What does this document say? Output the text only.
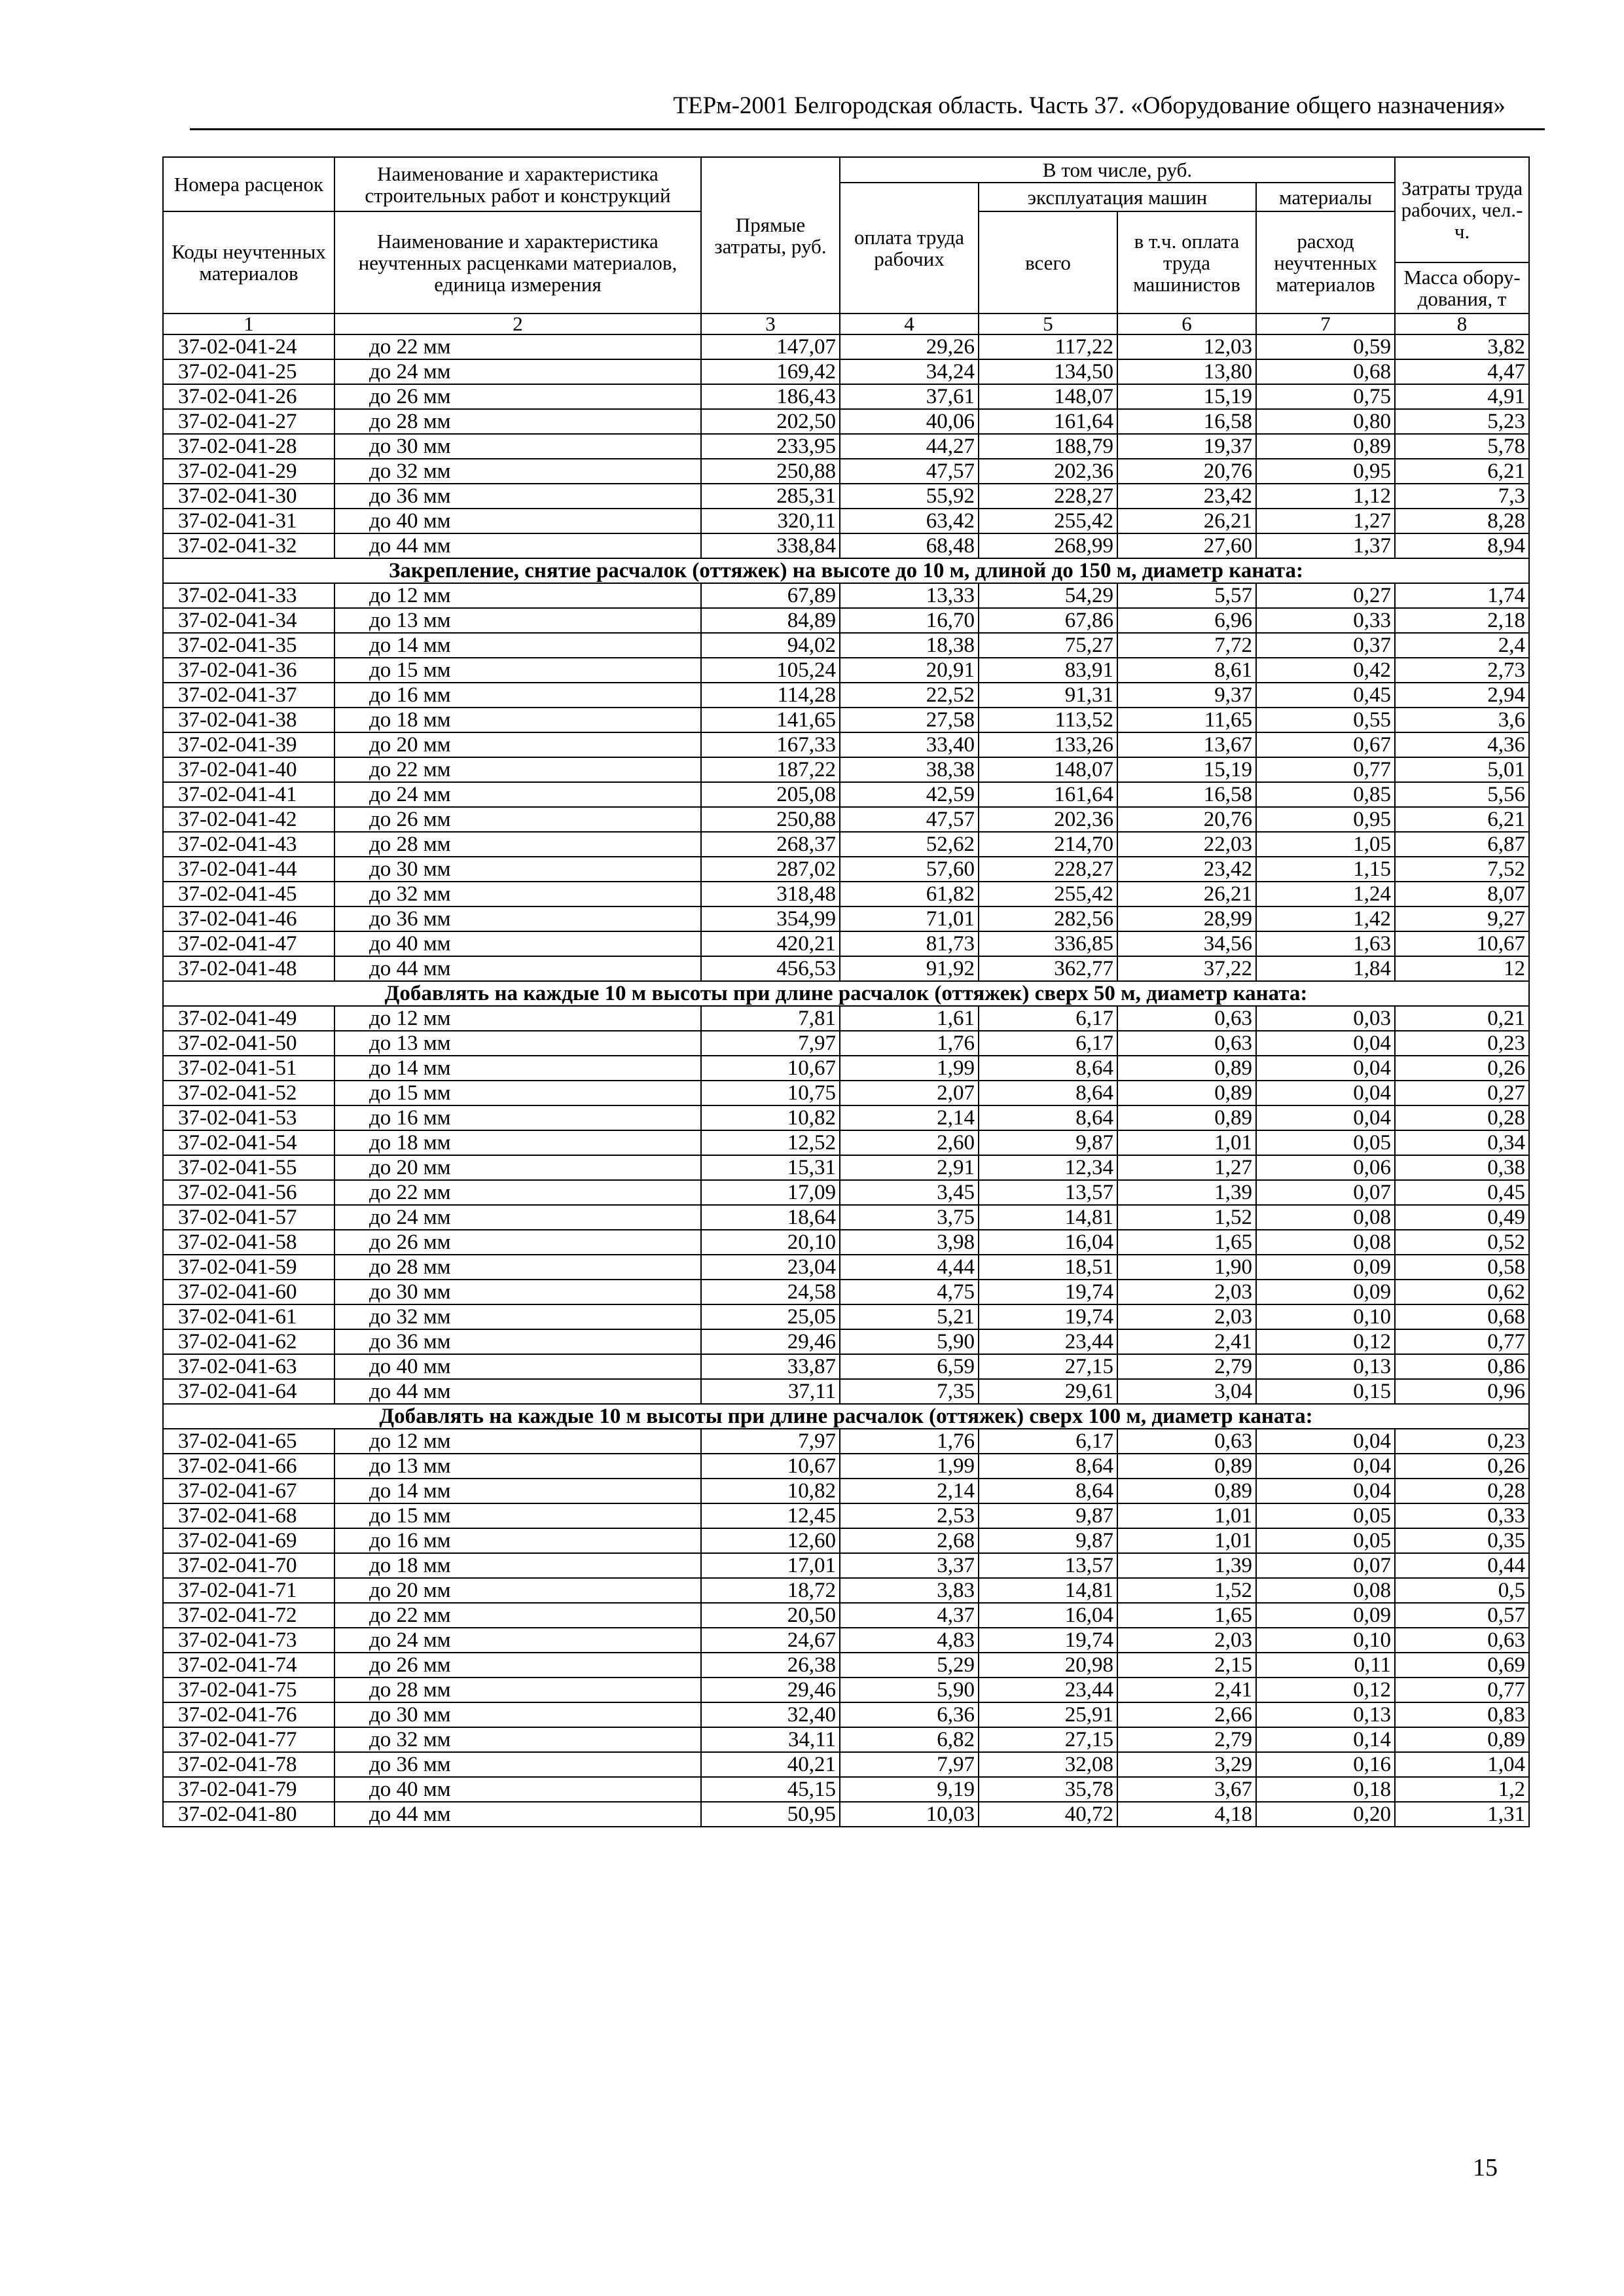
ТЕРм-2001 Белгородская область. Часть 37. «Оборудование общего назначения»
Номера расценок	Наименование и характеристика строительных работ и конструкций	Прямые затраты, руб.	В том числе, руб.				Затраты труда рабочих, чел.-ч.
			оплата труда рабочих	эксплуатация машин		материалы	
Коды неучтенных материалов	Наименование и характеристика неучтенных расценками материалов, единица измерения			всего	в т.ч. оплата труда машинистов	расход неучтенных материалов	
							Масса обору-дования, т
1	2	3	4	5	6	7	8
37-02-041-24	до 22 мм	147,07	29,26	117,22	12,03	0,59	3,82
37-02-041-25	до 24 мм	169,42	34,24	134,50	13,80	0,68	4,47
37-02-041-26	до 26 мм	186,43	37,61	148,07	15,19	0,75	4,91
37-02-041-27	до 28 мм	202,50	40,06	161,64	16,58	0,80	5,23
37-02-041-28	до 30 мм	233,95	44,27	188,79	19,37	0,89	5,78
37-02-041-29	до 32 мм	250,88	47,57	202,36	20,76	0,95	6,21
37-02-041-30	до 36 мм	285,31	55,92	228,27	23,42	1,12	7,3
37-02-041-31	до 40 мм	320,11	63,42	255,42	26,21	1,27	8,28
37-02-041-32	до 44 мм	338,84	68,48	268,99	27,60	1,37	8,94
Закрепление, снятие расчалок (оттяжек) на высоте до 10 м, длиной до 150 м, диаметр каната:							
37-02-041-33	до 12 мм	67,89	13,33	54,29	5,57	0,27	1,74
37-02-041-34	до 13 мм	84,89	16,70	67,86	6,96	0,33	2,18
37-02-041-35	до 14 мм	94,02	18,38	75,27	7,72	0,37	2,4
37-02-041-36	до 15 мм	105,24	20,91	83,91	8,61	0,42	2,73
37-02-041-37	до 16 мм	114,28	22,52	91,31	9,37	0,45	2,94
37-02-041-38	до 18 мм	141,65	27,58	113,52	11,65	0,55	3,6
37-02-041-39	до 20 мм	167,33	33,40	133,26	13,67	0,67	4,36
37-02-041-40	до 22 мм	187,22	38,38	148,07	15,19	0,77	5,01
37-02-041-41	до 24 мм	205,08	42,59	161,64	16,58	0,85	5,56
37-02-041-42	до 26 мм	250,88	47,57	202,36	20,76	0,95	6,21
37-02-041-43	до 28 мм	268,37	52,62	214,70	22,03	1,05	6,87
37-02-041-44	до 30 мм	287,02	57,60	228,27	23,42	1,15	7,52
37-02-041-45	до 32 мм	318,48	61,82	255,42	26,21	1,24	8,07
37-02-041-46	до 36 мм	354,99	71,01	282,56	28,99	1,42	9,27
37-02-041-47	до 40 мм	420,21	81,73	336,85	34,56	1,63	10,67
37-02-041-48	до 44 мм	456,53	91,92	362,77	37,22	1,84	12
Добавлять на каждые 10 м высоты при длине расчалок (оттяжек) сверх 50 м, диаметр каната:							
37-02-041-49	до 12 мм	7,81	1,61	6,17	0,63	0,03	0,21
37-02-041-50	до 13 мм	7,97	1,76	6,17	0,63	0,04	0,23
37-02-041-51	до 14 мм	10,67	1,99	8,64	0,89	0,04	0,26
37-02-041-52	до 15 мм	10,75	2,07	8,64	0,89	0,04	0,27
37-02-041-53	до 16 мм	10,82	2,14	8,64	0,89	0,04	0,28
37-02-041-54	до 18 мм	12,52	2,60	9,87	1,01	0,05	0,34
37-02-041-55	до 20 мм	15,31	2,91	12,34	1,27	0,06	0,38
37-02-041-56	до 22 мм	17,09	3,45	13,57	1,39	0,07	0,45
37-02-041-57	до 24 мм	18,64	3,75	14,81	1,52	0,08	0,49
37-02-041-58	до 26 мм	20,10	3,98	16,04	1,65	0,08	0,52
37-02-041-59	до 28 мм	23,04	4,44	18,51	1,90	0,09	0,58
37-02-041-60	до 30 мм	24,58	4,75	19,74	2,03	0,09	0,62
37-02-041-61	до 32 мм	25,05	5,21	19,74	2,03	0,10	0,68
37-02-041-62	до 36 мм	29,46	5,90	23,44	2,41	0,12	0,77
37-02-041-63	до 40 мм	33,87	6,59	27,15	2,79	0,13	0,86
37-02-041-64	до 44 мм	37,11	7,35	29,61	3,04	0,15	0,96
Добавлять на каждые 10 м высоты при длине расчалок (оттяжек) сверх 100 м, диаметр каната:							
37-02-041-65	до 12 мм	7,97	1,76	6,17	0,63	0,04	0,23
37-02-041-66	до 13 мм	10,67	1,99	8,64	0,89	0,04	0,26
37-02-041-67	до 14 мм	10,82	2,14	8,64	0,89	0,04	0,28
37-02-041-68	до 15 мм	12,45	2,53	9,87	1,01	0,05	0,33
37-02-041-69	до 16 мм	12,60	2,68	9,87	1,01	0,05	0,35
37-02-041-70	до 18 мм	17,01	3,37	13,57	1,39	0,07	0,44
37-02-041-71	до 20 мм	18,72	3,83	14,81	1,52	0,08	0,5
37-02-041-72	до 22 мм	20,50	4,37	16,04	1,65	0,09	0,57
37-02-041-73	до 24 мм	24,67	4,83	19,74	2,03	0,10	0,63
37-02-041-74	до 26 мм	26,38	5,29	20,98	2,15	0,11	0,69
37-02-041-75	до 28 мм	29,46	5,90	23,44	2,41	0,12	0,77
37-02-041-76	до 30 мм	32,40	6,36	25,91	2,66	0,13	0,83
37-02-041-77	до 32 мм	34,11	6,82	27,15	2,79	0,14	0,89
37-02-041-78	до 36 мм	40,21	7,97	32,08	3,29	0,16	1,04
37-02-041-79	до 40 мм	45,15	9,19	35,78	3,67	0,18	1,2
37-02-041-80	до 44 мм	50,95	10,03	40,72	4,18	0,20	1,31
15
